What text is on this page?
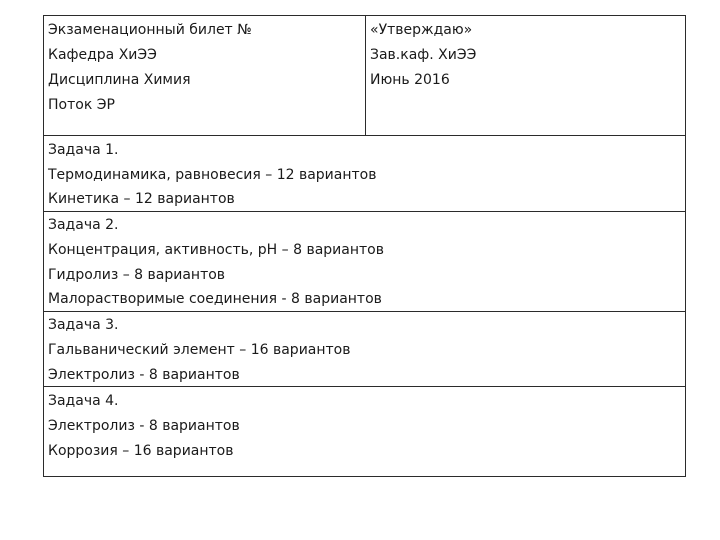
Экзаменационный билет №
Кафедра ХиЭЭ
Дисциплина Химия
Поток ЭР
«Утверждаю»
Зав.каф. ХиЭЭ
Июнь 2016
Задача 1.
Термодинамика, равновесия – 12 вариантов
Кинетика – 12 вариантов
Задача 2.
Концентрация, активность, рН – 8 вариантов
Гидролиз – 8 вариантов
Малорастворимые соединения - 8 вариантов
Задача 3.
Гальванический элемент – 16 вариантов
Электролиз - 8 вариантов
Задача 4.
Электролиз - 8 вариантов
Коррозия – 16 вариантов
